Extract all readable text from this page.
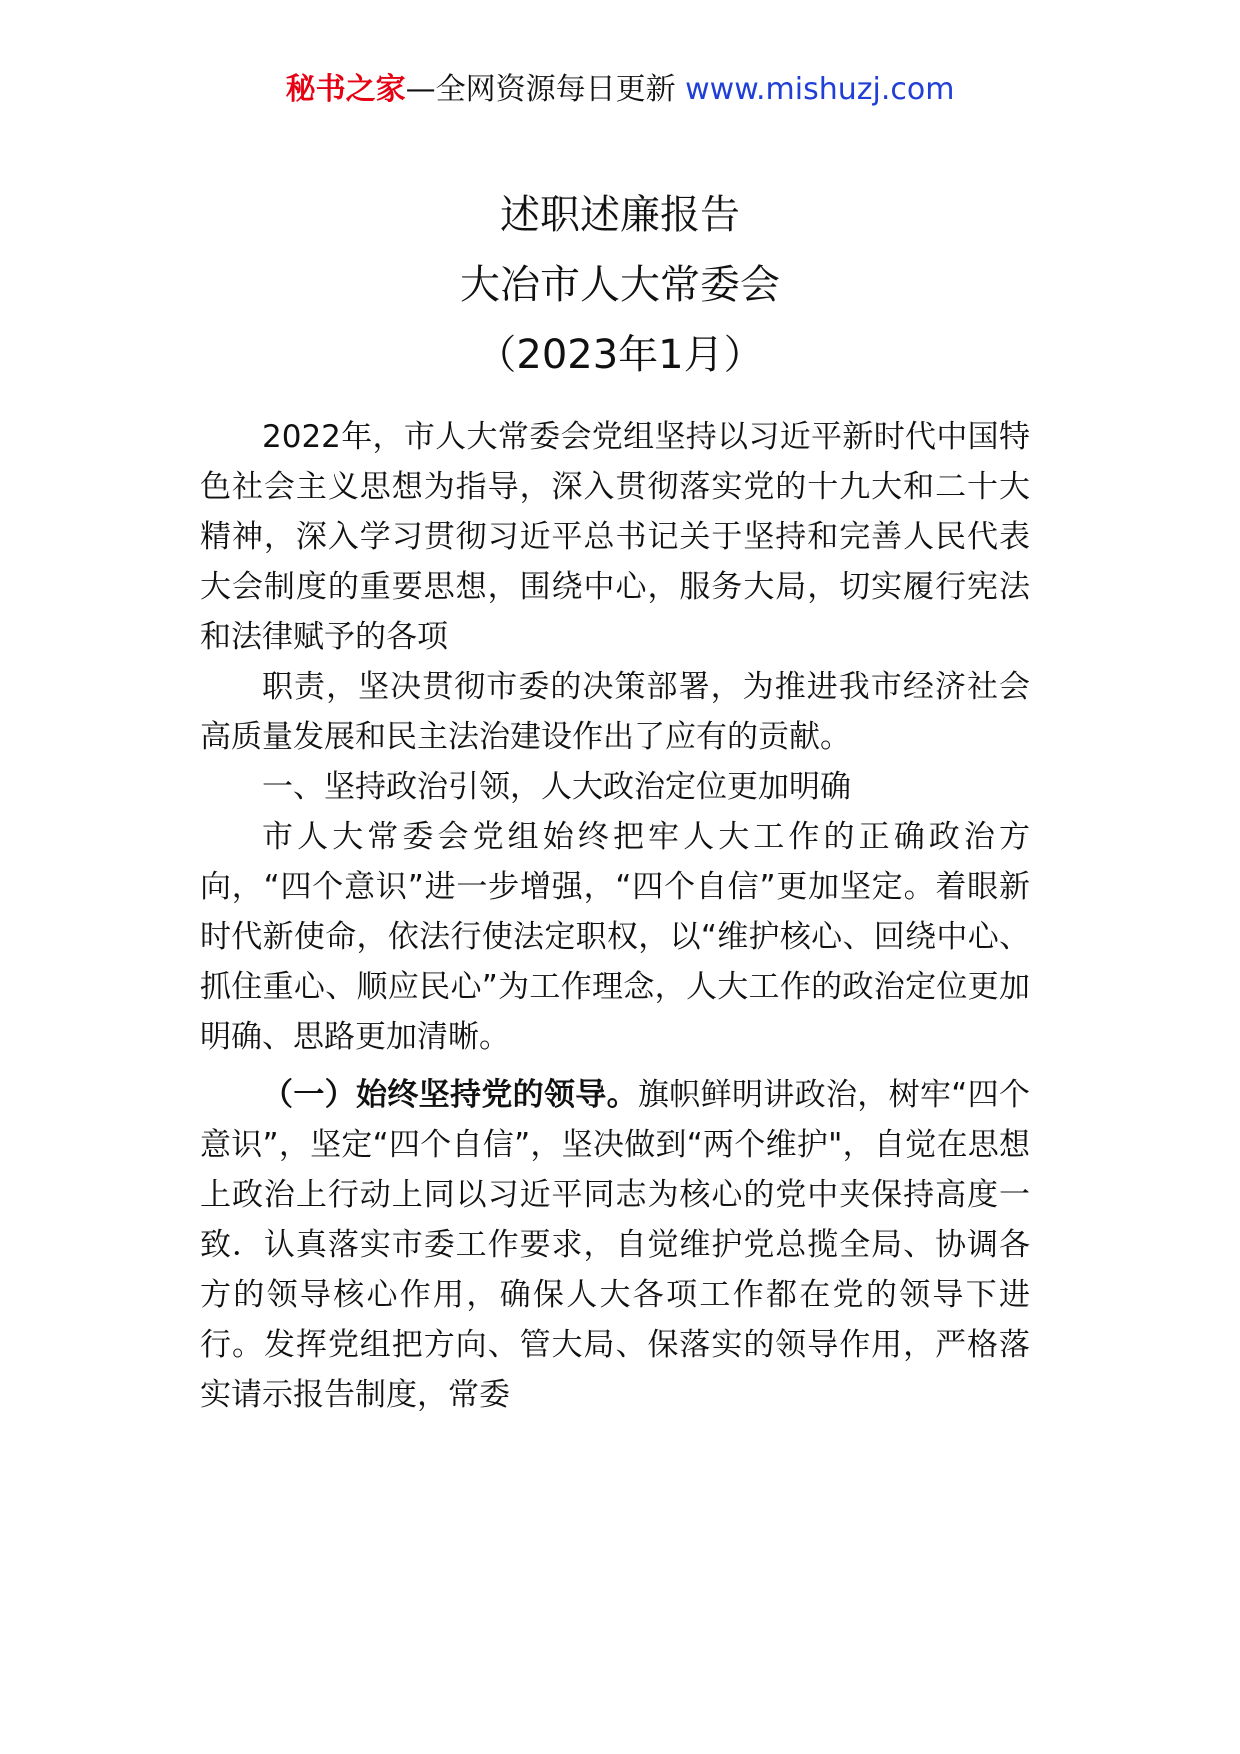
秘书之家—全网资源每日更新 www.mishuzj.com
述职述廉报告
大冶市人大常委会
（2023年1月）

2022年，市人大常委会党组坚持以习近平新时代中国特色社会主义思想为指导，深入贯彻落实党的十九大和二十大精神，深入学习贯彻习近平总书记关于坚持和完善人民代表大会制度的重要思想，围绕中心，服务大局，切实履行宪法和法律赋予的各项

职责，坚决贯彻市委的决策部署，为推进我市经济社会高质量发展和民主法治建设作出了应有的贡献。

一、坚持政治引领，人大政治定位更加明确

市人大常委会党组始终把牢人大工作的正确政治方向，“四个意识”进一步增强，“四个自信”更加坚定。着眼新时代新使命，依法行使法定职权，以“维护核心、回绕中心、抓住重心、顺应民心”为工作理念，人大工作的政治定位更加明确、思路更加清晰。

（一）始终坚持党的领导。旗帜鲜明讲政治，树牢“四个意识”，坚定“四个自信”，坚决做到“两个维护"，自觉在思想上政治上行动上同以习近平同志为核心的党中夹保持高度一致．认真落实市委工作要求，自觉维护党总揽全局、协调各方的领导核心作用，确保人大各项工作都在党的领导下进行。发挥党组把方向、管大局、保落实的领导作用，严格落实请示报告制度，常委
